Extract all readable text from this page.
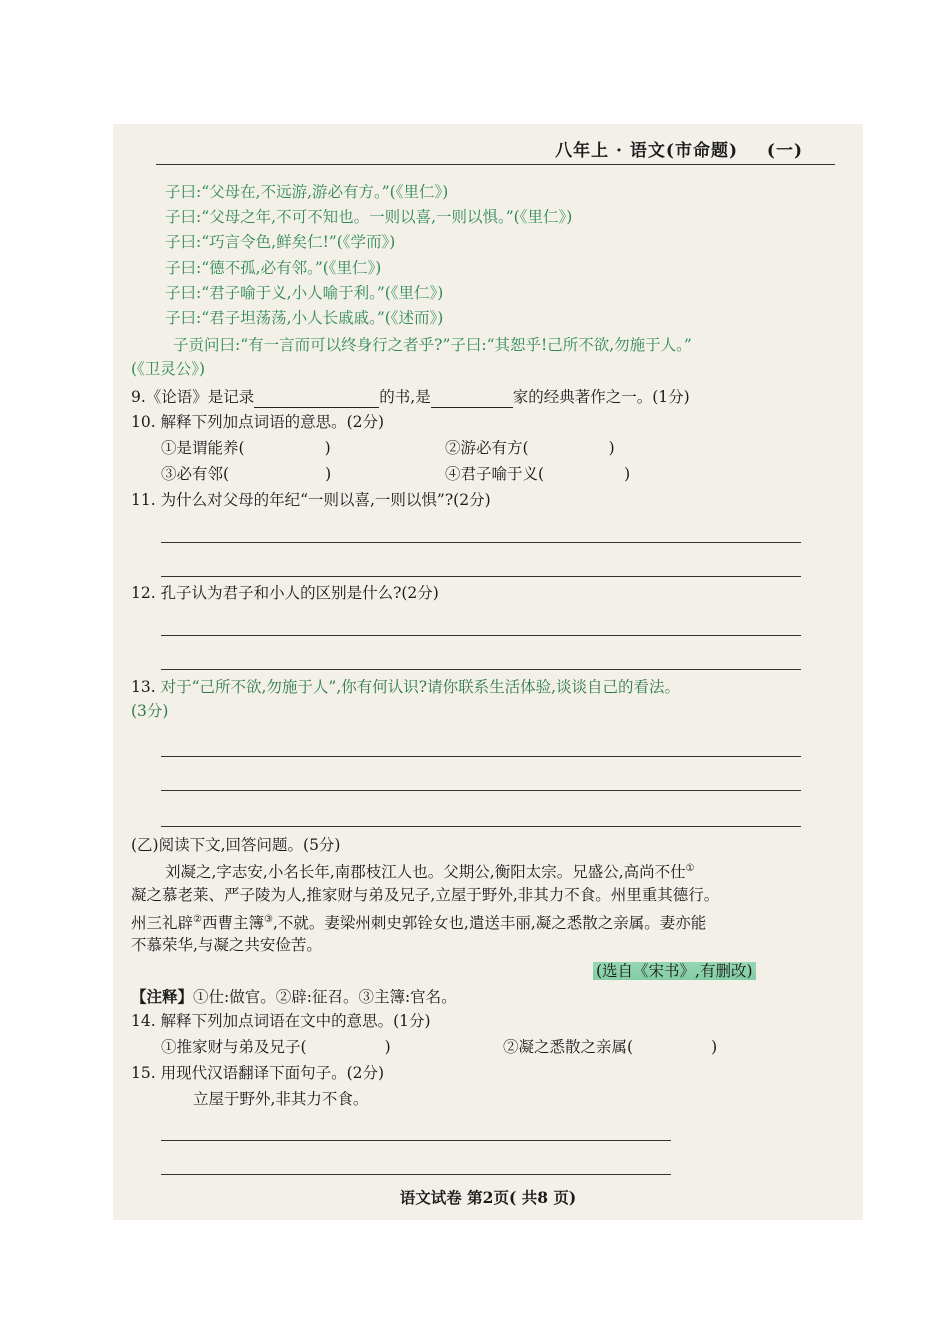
八年上 · 语文(市命题) (一)
子曰:“父母在,不远游,游必有方。”(《里仁》)
子曰:“父母之年,不可不知也。一则以喜,一则以惧。”(《里仁》)
子曰:“巧言令色,鲜矣仁!”(《学而》)
子曰:“德不孤,必有邻。”(《里仁》)
子曰:“君子喻于义,小人喻于利。”(《里仁》)
子曰:“君子坦荡荡,小人长戚戚。”(《述而》)
子贡问曰:“有一言而可以终身行之者乎?”子曰:“其恕乎!己所不欲,勿施于人。”
(《卫灵公》)
9.《论语》是记录	的书,是	家的经典著作之一。(1分)
10. 解释下列加点词语的意思。(2分)
①是谓能养(	)	②游必有方(	)
③必有邻(	)	④君子喻于义(	)
11. 为什么对父母的年纪“一则以喜,一则以惧”?(2分)
12. 孔子认为君子和小人的区别是什么?(2分)
13. 对于“己所不欲,勿施于人”,你有何认识?请你联系生活体验,谈谈自己的看法。
(3分)
(乙)阅读下文,回答问题。(5分)
刘凝之,字志安,小名长年,南郡枝江人也。父期公,衡阳太宗。兄盛公,高尚不仕①
凝之慕老莱、严子陵为人,推家财与弟及兄子,立屋于野外,非其力不食。州里重其德行。
州三礼辟②西曹主簿③,不就。妻梁州刺史郭铨女也,遣送丰丽,凝之悉散之亲属。妻亦能
不慕荣华,与凝之共安俭苦。
(选自《宋书》,有删改)
【注释】①仕:做官。②辟:征召。③主簿:官名。
14. 解释下列加点词语在文中的意思。(1分)
①推家财与弟及兄子(	)	②凝之悉散之亲属(	)
15. 用现代汉语翻译下面句子。(2分)
立屋于野外,非其力不食。
语文试卷 第2页( 共8 页)
